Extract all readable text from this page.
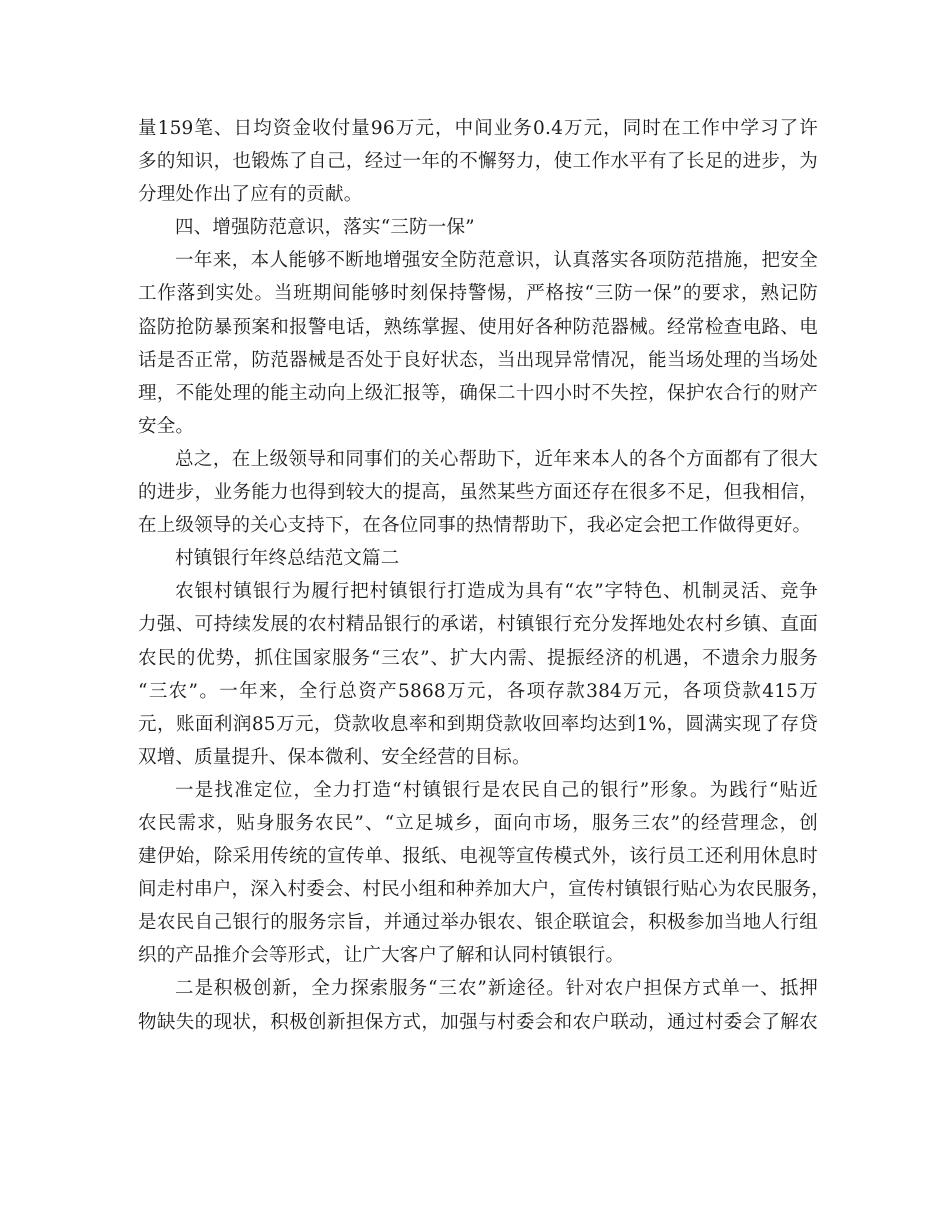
量159笔、日均资金收付量96万元，中间业务0.4万元，同时在工作中学习了许
多的知识，也锻炼了自己，经过一年的不懈努力，使工作水平有了长足的进步，为
分理处作出了应有的贡献。
四、增强防范意识，落实“三防一保”
一年来，本人能够不断地增强安全防范意识，认真落实各项防范措施，把安全
工作落到实处。当班期间能够时刻保持警惕，严格按“三防一保”的要求，熟记防
盗防抢防暴预案和报警电话，熟练掌握、使用好各种防范器械。经常检查电路、电
话是否正常，防范器械是否处于良好状态，当出现异常情况，能当场处理的当场处
理，不能处理的能主动向上级汇报等，确保二十四小时不失控，保护农合行的财产
安全。
总之，在上级领导和同事们的关心帮助下，近年来本人的各个方面都有了很大
的进步，业务能力也得到较大的提高，虽然某些方面还存在很多不足，但我相信，
在上级领导的关心支持下，在各位同事的热情帮助下，我必定会把工作做得更好。
村镇银行年终总结范文篇二
农银村镇银行为履行把村镇银行打造成为具有“农”字特色、机制灵活、竞争
力强、可持续发展的农村精品银行的承诺，村镇银行充分发挥地处农村乡镇、直面
农民的优势，抓住国家服务“三农”、扩大内需、提振经济的机遇，不遗余力服务
“三农”。一年来，全行总资产5868万元，各项存款384万元，各项贷款415万
元，账面利润85万元，贷款收息率和到期贷款收回率均达到1%，圆满实现了存贷
双增、质量提升、保本微利、安全经营的目标。
一是找准定位，全力打造“村镇银行是农民自己的银行”形象。为践行“贴近
农民需求，贴身服务农民”、“立足城乡，面向市场，服务三农”的经营理念，创
建伊始，除采用传统的宣传单、报纸、电视等宣传模式外，该行员工还利用休息时
间走村串户，深入村委会、村民小组和种养加大户，宣传村镇银行贴心为农民服务，
是农民自己银行的服务宗旨，并通过举办银农、银企联谊会，积极参加当地人行组
织的产品推介会等形式，让广大客户了解和认同村镇银行。
二是积极创新，全力探索服务“三农”新途径。针对农户担保方式单一、抵押
物缺失的现状，积极创新担保方式，加强与村委会和农户联动，通过村委会了解农
